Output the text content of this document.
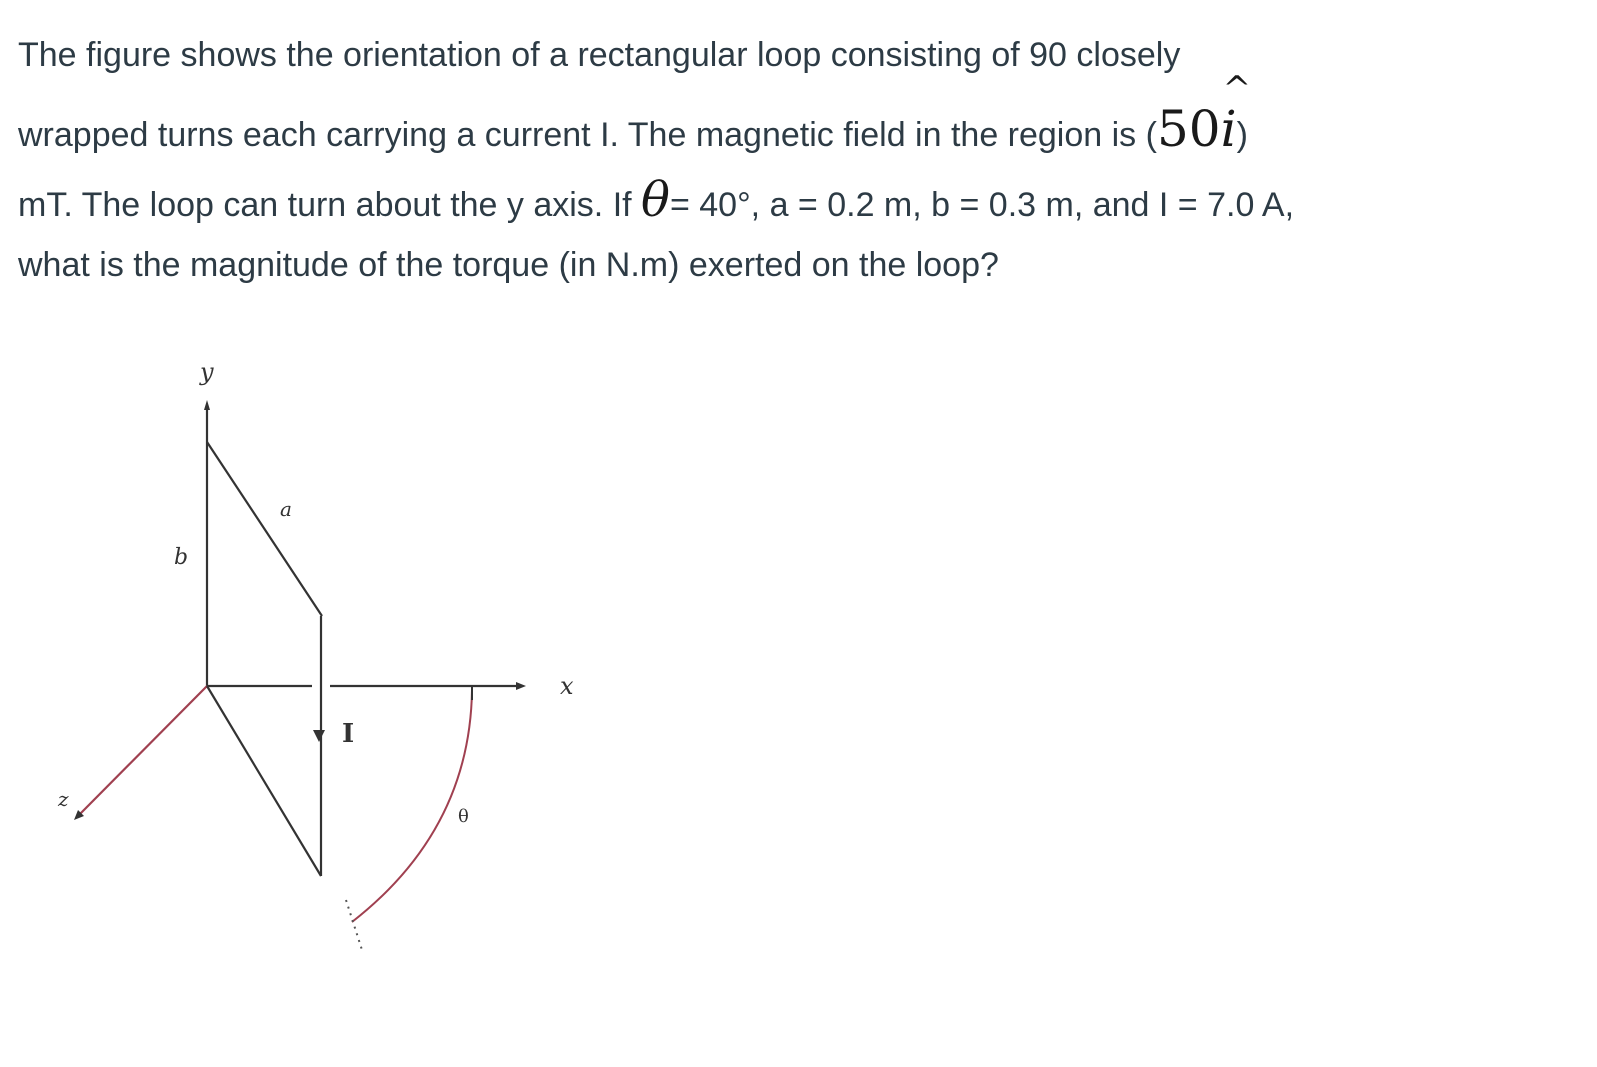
The figure shows the orientation of a rectangular loop consisting of 90 closely
wrapped turns each carrying a current I. The magnetic field in the region is (50i
^
)
mT. The loop can turn about the y axis. If θ= 40°, a = 0.2 m, b = 0.3 m, and I = 7.0 A,
what is the magnitude of the torque (in N.m) exerted on the loop?
y
x
z
a
b
I
θ
